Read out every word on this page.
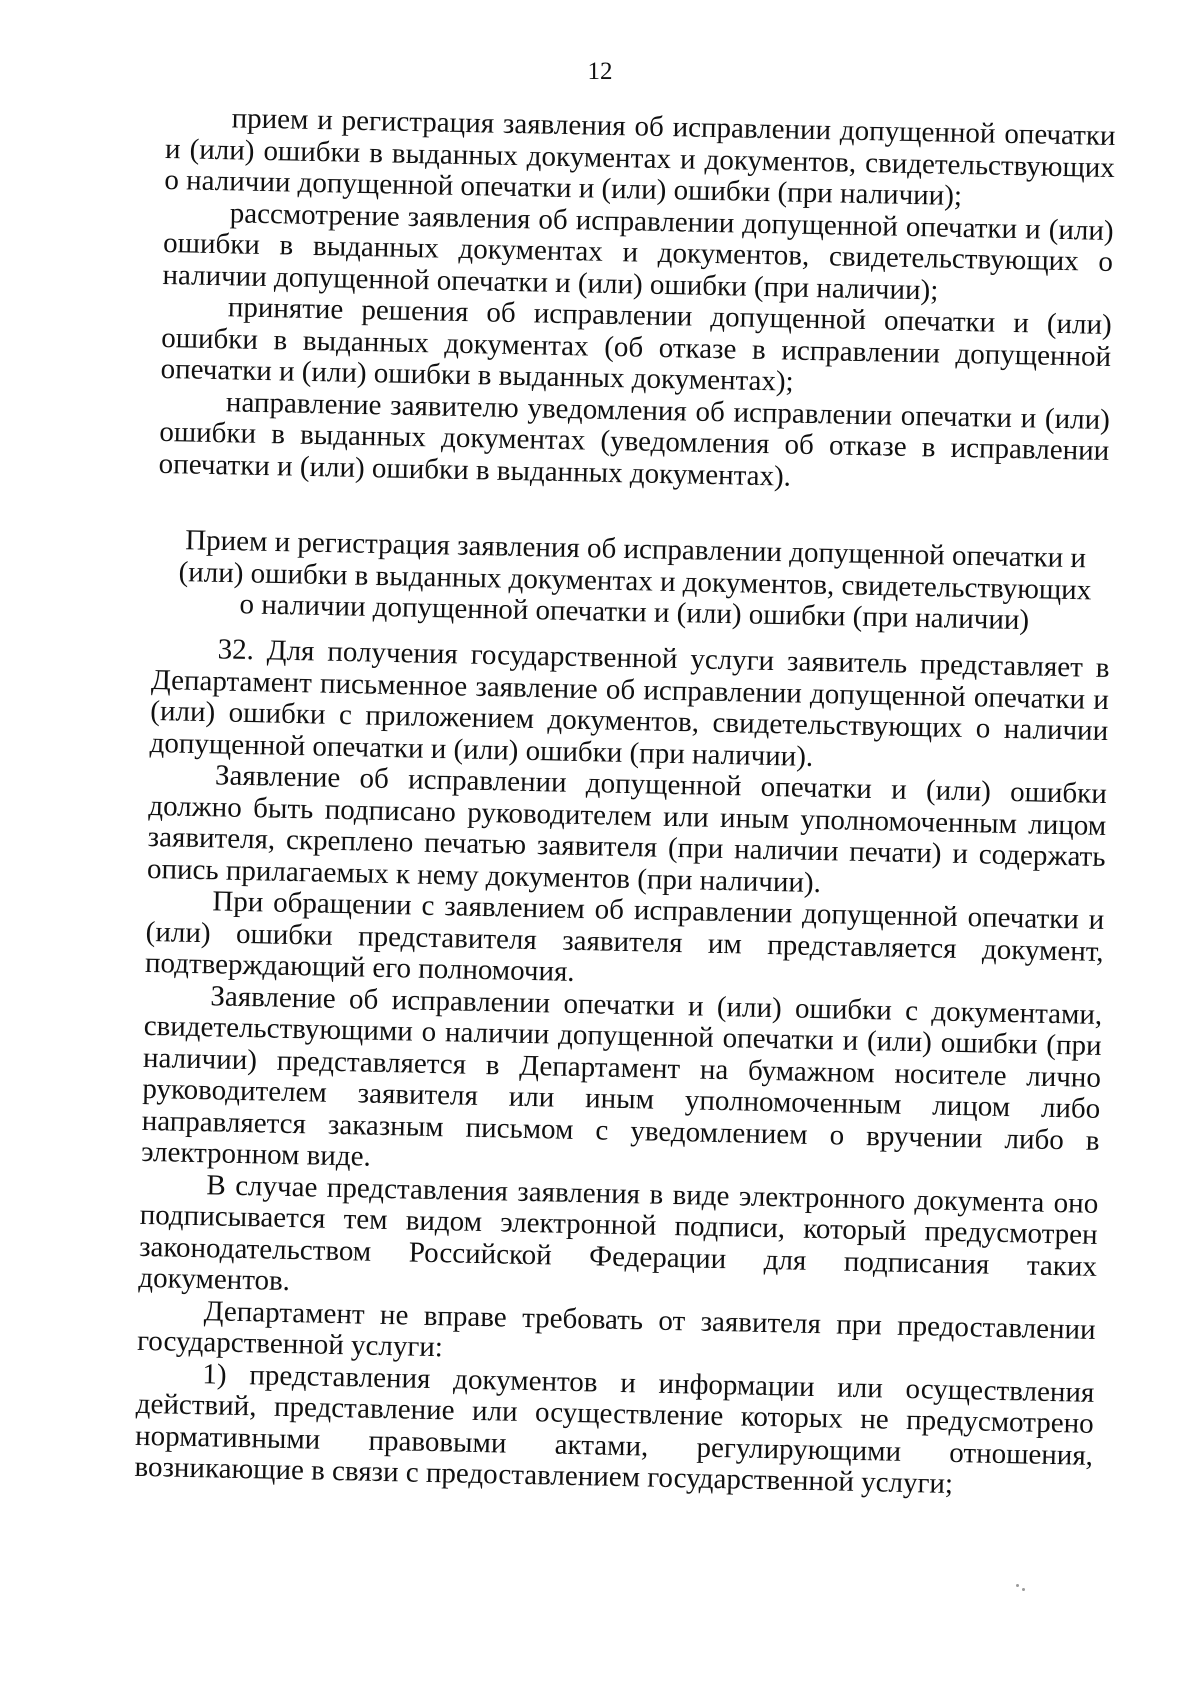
12

прием и регистрация заявления об исправлении допущенной опечатки и (или) ошибки в выданных документах и документов, свидетельствующих о наличии допущенной опечатки и (или) ошибки (при наличии);

рассмотрение заявления об исправлении допущенной опечатки и (или) ошибки в выданных документах и документов, свидетельствующих о наличии допущенной опечатки и (или) ошибки (при наличии);

принятие решения об исправлении допущенной опечатки и (или) ошибки в выданных документах (об отказе в исправлении допущенной опечатки и (или) ошибки в выданных документах);

направление заявителю уведомления об исправлении опечатки и (или) ошибки в выданных документах (уведомления об отказе в исправлении опечатки и (или) ошибки в выданных документах).

Прием и регистрация заявления об исправлении допущенной опечатки и (или) ошибки в выданных документах и документов, свидетельствующих о наличии допущенной опечатки и (или) ошибки (при наличии)

32. Для получения государственной услуги заявитель представляет в Департамент письменное заявление об исправлении допущенной опечатки и (или) ошибки с приложением документов, свидетельствующих о наличии допущенной опечатки и (или) ошибки (при наличии).

Заявление об исправлении допущенной опечатки и (или) ошибки должно быть подписано руководителем или иным уполномоченным лицом заявителя, скреплено печатью заявителя (при наличии печати) и содержать опись прилагаемых к нему документов (при наличии).

При обращении с заявлением об исправлении допущенной опечатки и (или) ошибки представителя заявителя им представляется документ, подтверждающий его полномочия.

Заявление об исправлении опечатки и (или) ошибки с документами, свидетельствующими о наличии допущенной опечатки и (или) ошибки (при наличии) представляется в Департамент на бумажном носителе лично руководителем заявителя или иным уполномоченным лицом либо направляется заказным письмом с уведомлением о вручении либо в электронном виде.

В случае представления заявления в виде электронного документа оно подписывается тем видом электронной подписи, который предусмотрен законодательством Российской Федерации для подписания таких документов.

Департамент не вправе требовать от заявителя при предоставлении государственной услуги:

1) представления документов и информации или осуществления действий, представление или осуществление которых не предусмотрено нормативными правовыми актами, регулирующими отношения, возникающие в связи с предоставлением государственной услуги;
